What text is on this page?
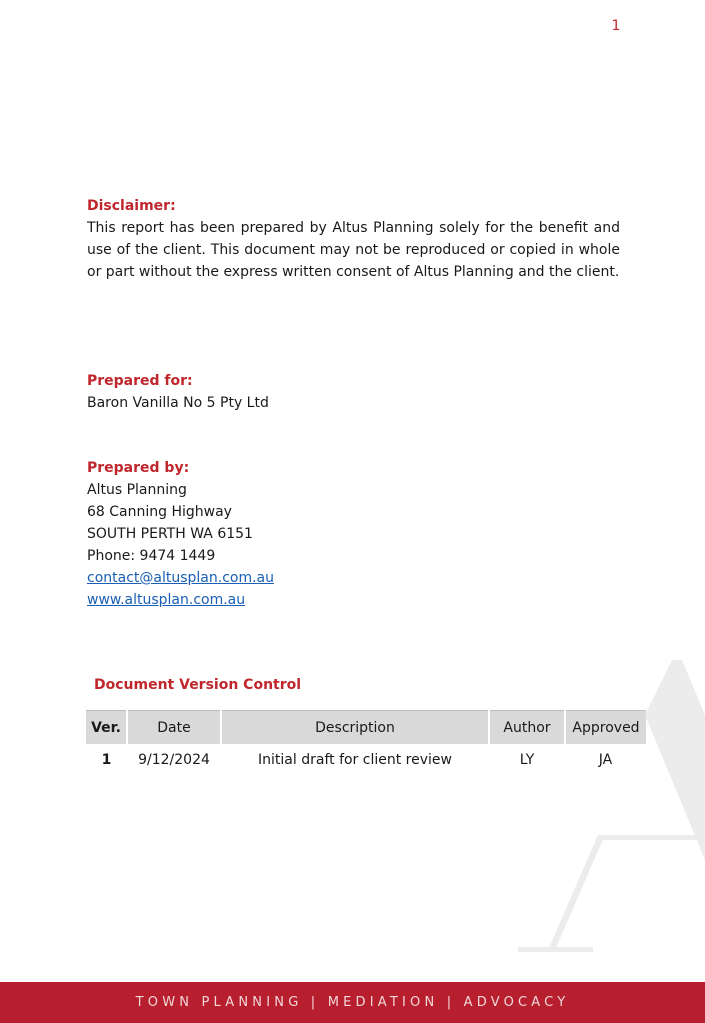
1
Disclaimer:

This report has been prepared by Altus Planning solely for the benefit and use of the client. This document may not be reproduced or copied in whole or part without the express written consent of Altus Planning and the client.

Prepared for:
Baron Vanilla No 5 Pty Ltd
Prepared by:
Altus Planning
68 Canning Highway
SOUTH PERTH WA 6151
Phone: 9474 1449
contact@altusplan.com.au
www.altusplan.com.au
Document Version Control
Ver.	Date	Description	Author	Approved
1	9/12/2024	Initial draft for client review	LY	JA
TOWN PLANNING | MEDIATION | ADVOCACY
